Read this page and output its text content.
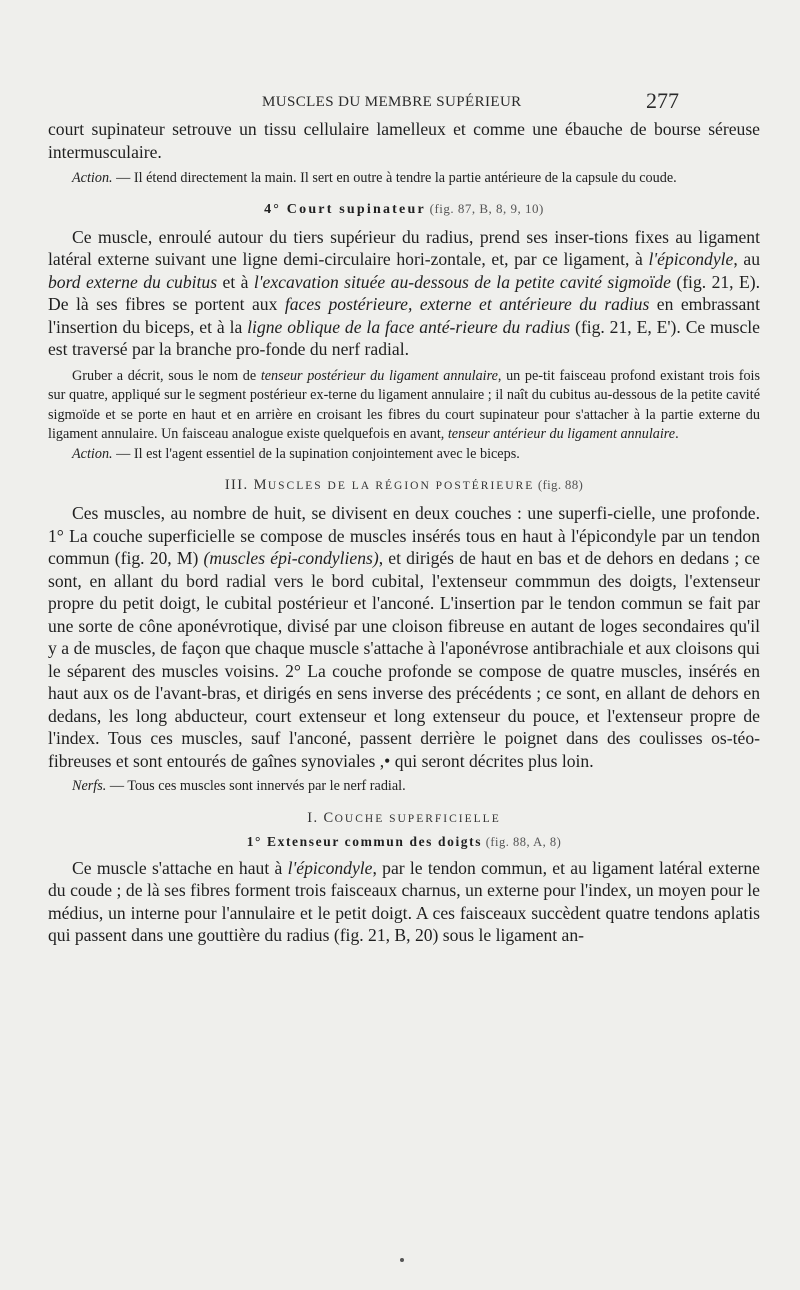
MUSCLES DU MEMBRE SUPÉRIEUR	277

court supinateur setrouve un tissu cellulaire lamelleux et comme une ébauche de bourse séreuse intermusculaire.

Action. — Il étend directement la main. Il sert en outre à tendre la partie antérieure de la capsule du coude.

4° Court supinateur (fig. 87, B, 8, 9, 10)

Ce muscle, enroulé autour du tiers supérieur du radius, prend ses inser-tions fixes au ligament latéral externe suivant une ligne demi-circulaire hori-zontale, et, par ce ligament, à l'épicondyle, au bord externe du cubitus et à l'excavation située au-dessous de la petite cavité sigmoïde (fig. 21, E). De là ses fibres se portent aux faces postérieure, externe et antérieure du radius en embrassant l'insertion du biceps, et à la ligne oblique de la face anté-rieure du radius (fig. 21, E, E'). Ce muscle est traversé par la branche pro-fonde du nerf radial.

Gruber a décrit, sous le nom de tenseur postérieur du ligament annulaire, un pe-tit faisceau profond existant trois fois sur quatre, appliqué sur le segment postérieur ex-terne du ligament annulaire ; il naît du cubitus au-dessous de la petite cavité sigmoïde et se porte en haut et en arrière en croisant les fibres du court supinateur pour s'attacher à la partie externe du ligament annulaire. Un faisceau analogue existe quelquefois en avant, tenseur antérieur du ligament annulaire.

Action. — Il est l'agent essentiel de la supination conjointement avec le biceps.

III. MUSCLES DE LA RÉGION POSTÉRIEURE (fig. 88)

Ces muscles, au nombre de huit, se divisent en deux couches : une superfi-cielle, une profonde. 1° La couche superficielle se compose de muscles insérés tous en haut à l'épicondyle par un tendon commun (fig. 20, M) (muscles épi-condyliens), et dirigés de haut en bas et de dehors en dedans ; ce sont, en allant du bord radial vers le bord cubital, l'extenseur commmun des doigts, l'extenseur propre du petit doigt, le cubital postérieur et l'anconé. L'insertion par le tendon commun se fait par une sorte de cône aponévrotique, divisé par une cloison fibreuse en autant de loges secondaires qu'il y a de muscles, de façon que chaque muscle s'attache à l'aponévrose antibrachiale et aux cloisons qui le séparent des muscles voisins. 2° La couche profonde se compose de quatre muscles, insérés en haut aux os de l'avant-bras, et dirigés en sens inverse des précédents ; ce sont, en allant de dehors en dedans, les long abducteur, court extenseur et long extenseur du pouce, et l'extenseur propre de l'index. Tous ces muscles, sauf l'anconé, passent derrière le poignet dans des coulisses os-téo-fibreuses et sont entourés de gaînes synoviales ,• qui seront décrites plus loin.

Nerfs. — Tous ces muscles sont innervés par le nerf radial.

I. COUCHE SUPERFICIELLE

1° Extenseur commun des doigts (fig. 88, A, 8)

Ce muscle s'attache en haut à l'épicondyle, par le tendon commun, et au ligament latéral externe du coude ; de là ses fibres forment trois faisceaux charnus, un externe pour l'index, un moyen pour le médius, un interne pour l'annulaire et le petit doigt. A ces faisceaux succèdent quatre tendons aplatis qui passent dans une gouttière du radius (fig. 21, B, 20) sous le ligament an-
